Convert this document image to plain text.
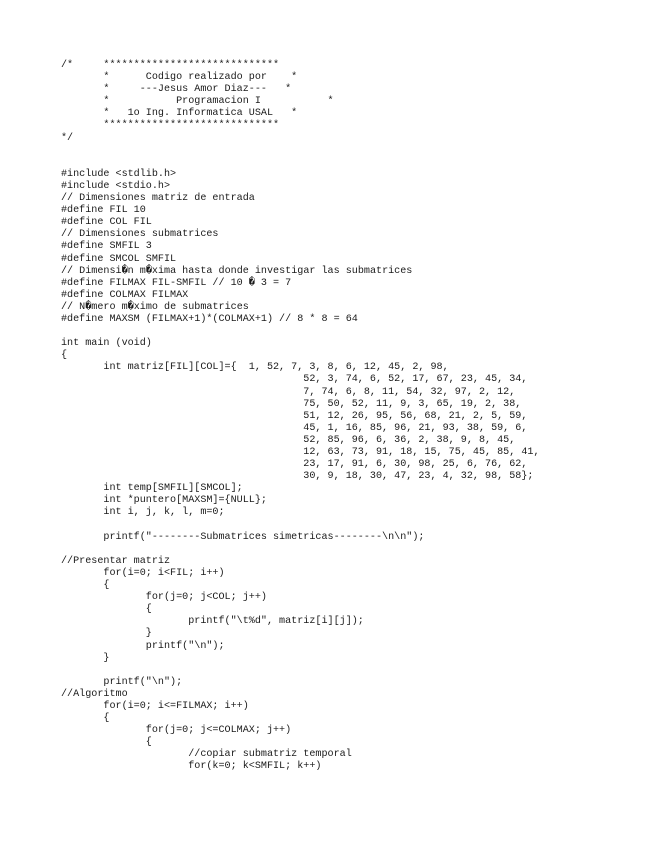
/*     *****************************
*      Codigo realizado por    *
*     ---Jesus Amor Diaz---   *
*           Programacion I           *
*   1o Ing. Informatica USAL   *
*****************************
*/
#include <stdlib.h>
#include <stdio.h>
// Dimensiones matriz de entrada
#define FIL 10
#define COL FIL
// Dimensiones submatrices
#define SMFIL 3
#define SMCOL SMFIL
// Dimensi�n m�xima hasta donde investigar las submatrices
#define FILMAX FIL-SMFIL // 10 � 3 = 7
#define COLMAX FILMAX
// N�mero m�ximo de submatrices
#define MAXSM (FILMAX+1)*(COLMAX+1) // 8 * 8 = 64
int main (void)
{
int matriz[FIL][COL]={  1, 52, 7, 3, 8, 6, 12, 45, 2, 98,
52, 3, 74, 6, 52, 17, 67, 23, 45, 34,
7, 74, 6, 8, 11, 54, 32, 97, 2, 12,
75, 50, 52, 11, 9, 3, 65, 19, 2, 38,
51, 12, 26, 95, 56, 68, 21, 2, 5, 59,
45, 1, 16, 85, 96, 21, 93, 38, 59, 6,
52, 85, 96, 6, 36, 2, 38, 9, 8, 45,
12, 63, 73, 91, 18, 15, 75, 45, 85, 41,
23, 17, 91, 6, 30, 98, 25, 6, 76, 62,
30, 9, 18, 30, 47, 23, 4, 32, 98, 58};
int temp[SMFIL][SMCOL];
int *puntero[MAXSM]={NULL};
int i, j, k, l, m=0;
printf("--------Submatrices simetricas--------\n\n");
//Presentar matriz
for(i=0; i<FIL; i++)
{
for(j=0; j<COL; j++)
{
printf("\t%d", matriz[i][j]);
}
printf("\n");
}
printf("\n");
//Algoritmo
for(i=0; i<=FILMAX; i++)
{
for(j=0; j<=COLMAX; j++)
{
//copiar submatriz temporal
for(k=0; k<SMFIL; k++)
